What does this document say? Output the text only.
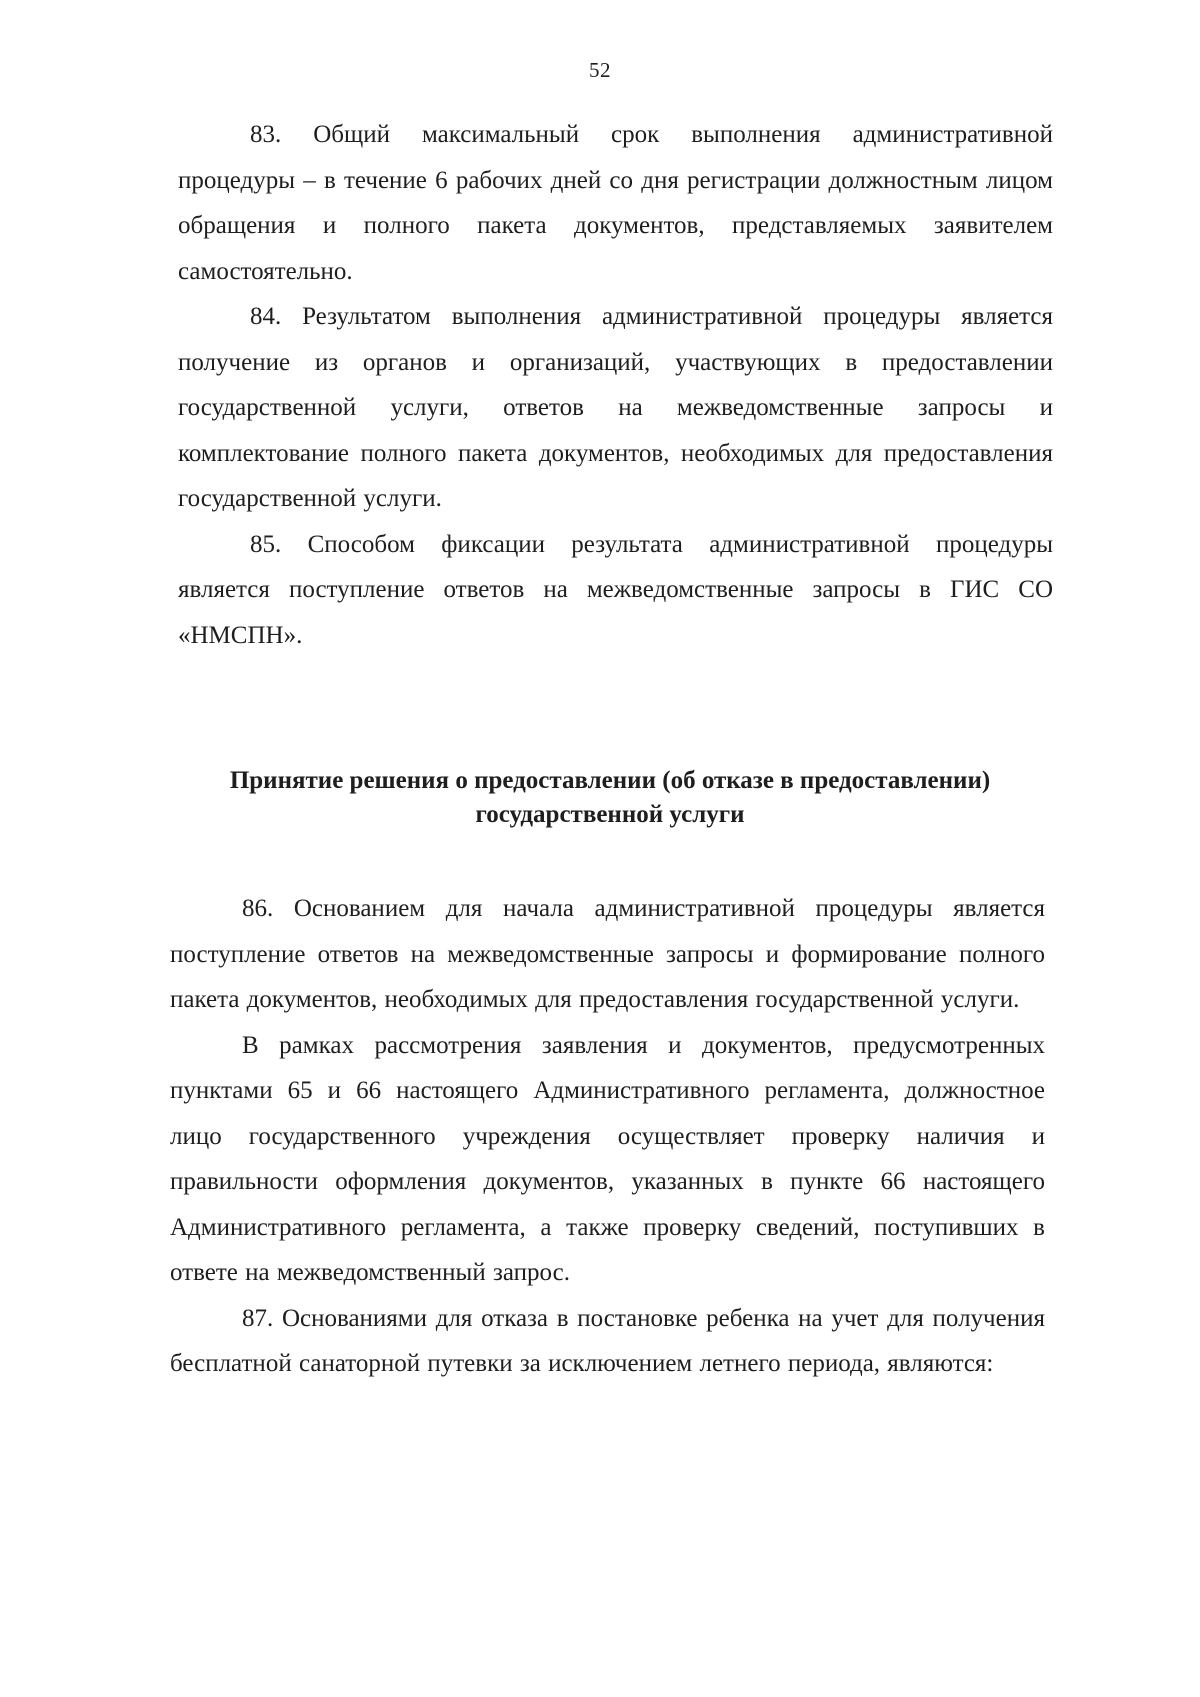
52

83. Общий максимальный срок выполнения административной процедуры – в течение 6 рабочих дней со дня регистрации должностным лицом обращения и полного пакета документов, представляемых заявителем самостоятельно.

84. Результатом выполнения административной процедуры является получение из органов и организаций, участвующих в предоставлении государственной услуги, ответов на межведомственные запросы и комплектование полного пакета документов, необходимых для предоставления государственной услуги.

85. Способом фиксации результата административной процедуры является поступление ответов на межведомственные запросы в ГИС СО «НМСПН».

Принятие решения о предоставлении (об отказе в предоставлении)
государственной услуги

86. Основанием для начала административной процедуры является поступление ответов на межведомственные запросы и формирование полного пакета документов, необходимых для предоставления государственной услуги.

В рамках рассмотрения заявления и документов, предусмотренных пунктами 65 и 66 настоящего Административного регламента, должностное лицо государственного учреждения осуществляет проверку наличия и правильности оформления документов, указанных в пункте 66 настоящего Административного регламента, а также проверку сведений, поступивших в ответе на межведомственный запрос.

87. Основаниями для отказа в постановке ребенка на учет для получения бесплатной санаторной путевки за исключением летнего периода, являются:
